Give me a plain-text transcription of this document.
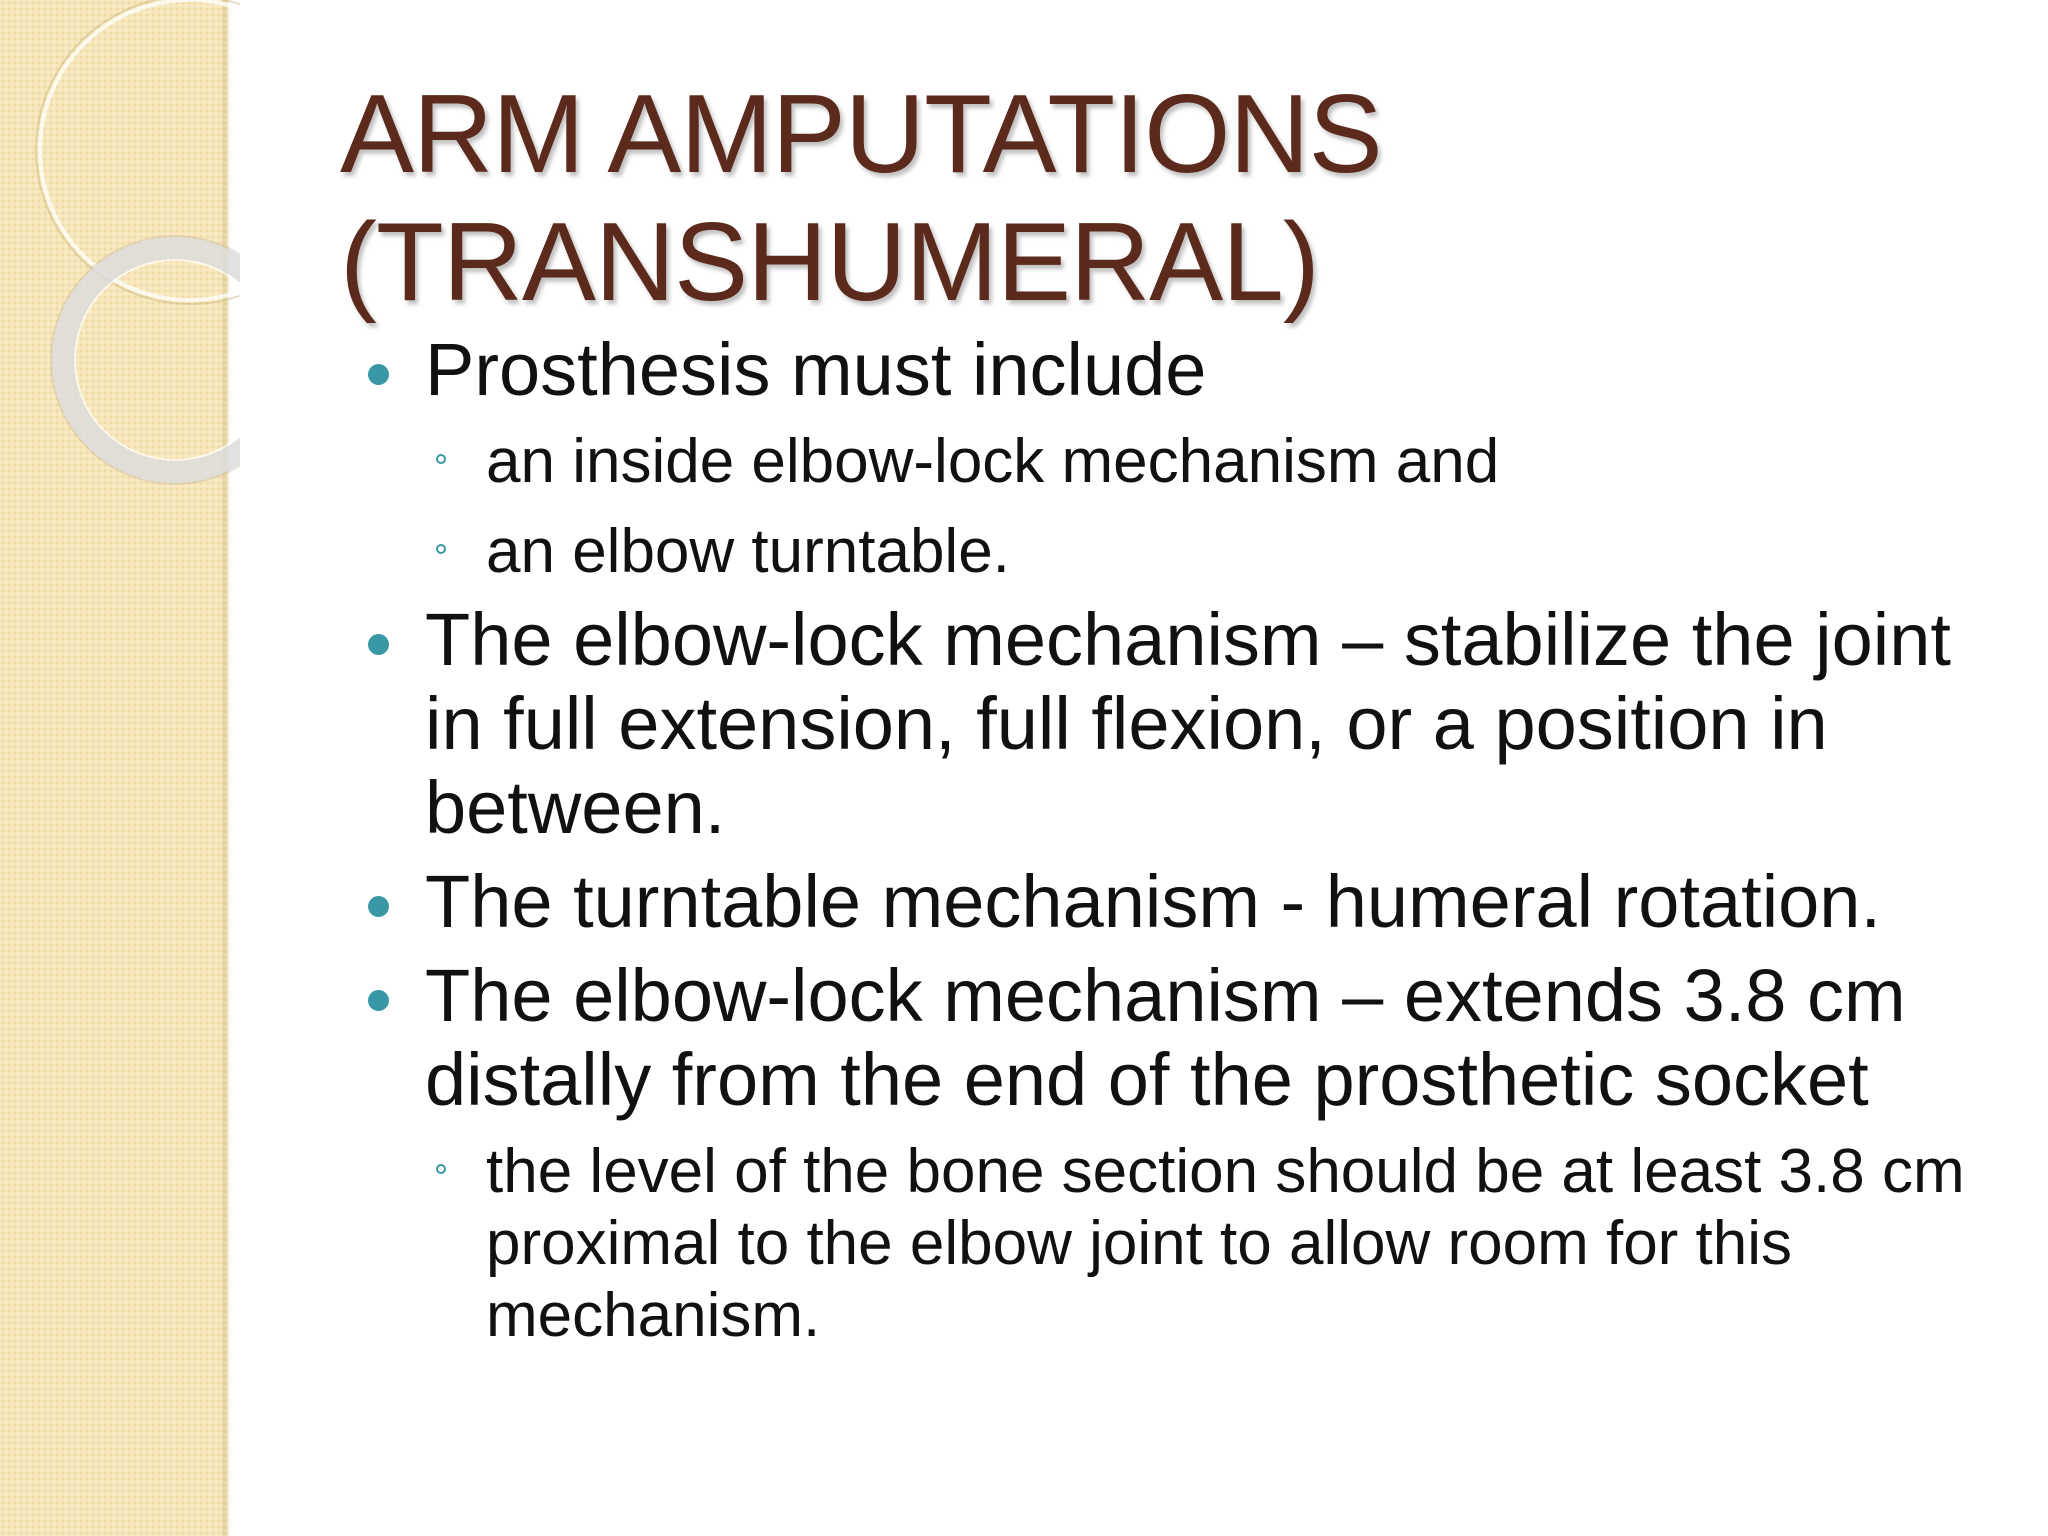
ARM AMPUTATIONS
(TRANSHUMERAL)
Prosthesis must include
an inside elbow-lock mechanism and
an elbow turntable.
The elbow-lock mechanism – stabilize the joint in full extension, full flexion, or a position in between.
The turntable mechanism - humeral rotation.
The elbow-lock mechanism – extends 3.8 cm distally from the end of the prosthetic socket
the level of the bone section should be at least 3.8 cm proximal to the elbow joint to allow room for this mechanism.
